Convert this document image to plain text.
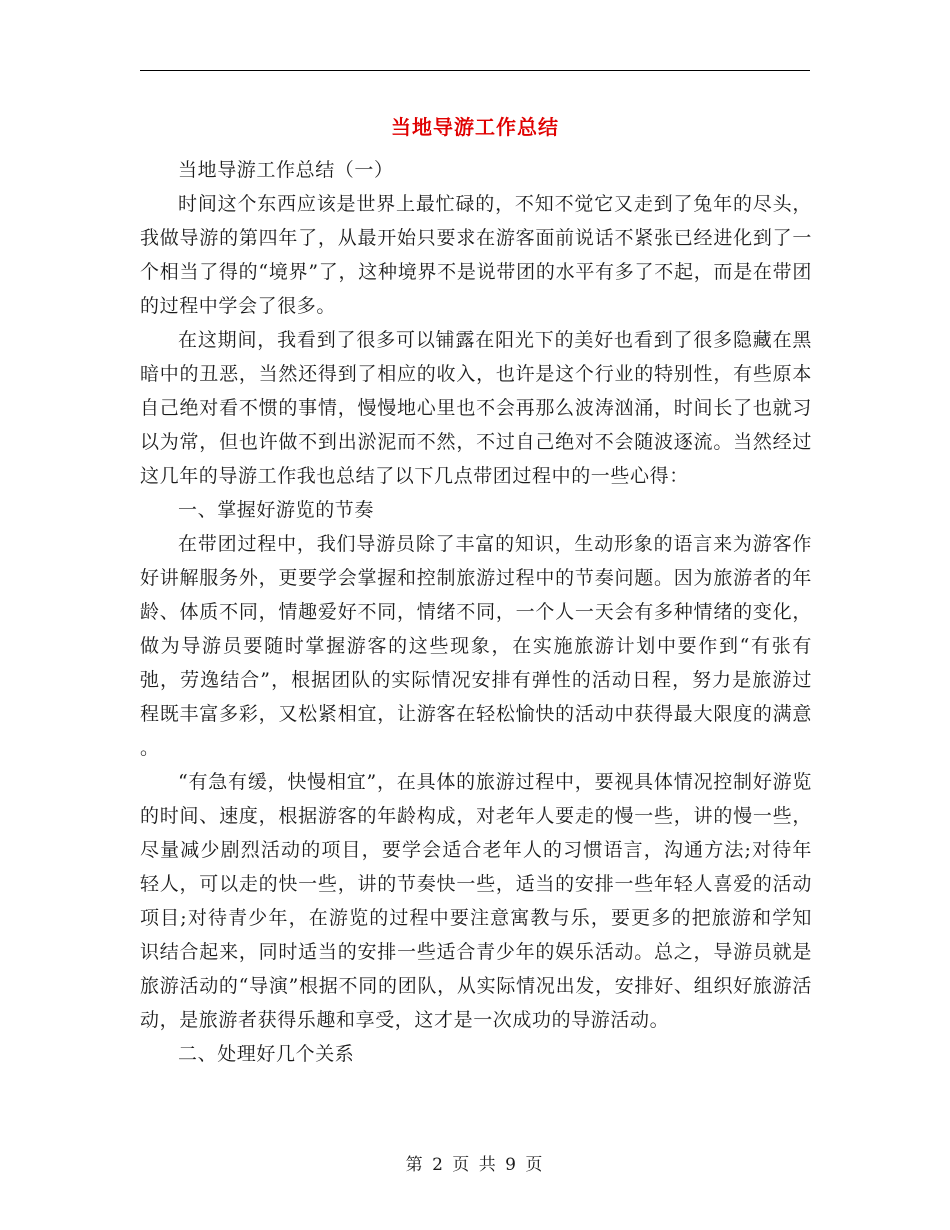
当地导游工作总结

当地导游工作总结（一）

时间这个东西应该是世界上最忙碌的，不知不觉它又走到了兔年的尽头，我做导游的第四年了，从最开始只要求在游客面前说话不紧张已经进化到了一个相当了得的“境界”了，这种境界不是说带团的水平有多了不起，而是在带团的过程中学会了很多。

在这期间，我看到了很多可以铺露在阳光下的美好也看到了很多隐藏在黑暗中的丑恶，当然还得到了相应的收入，也许是这个行业的特别性，有些原本自己绝对看不惯的事情，慢慢地心里也不会再那么波涛汹涌，时间长了也就习以为常，但也许做不到出淤泥而不然，不过自己绝对不会随波逐流。当然经过这几年的导游工作我也总结了以下几点带团过程中的一些心得：

一、掌握好游览的节奏

在带团过程中，我们导游员除了丰富的知识，生动形象的语言来为游客作好讲解服务外，更要学会掌握和控制旅游过程中的节奏问题。因为旅游者的年龄、体质不同，情趣爱好不同，情绪不同，一个人一天会有多种情绪的变化，做为导游员要随时掌握游客的这些现象，在实施旅游计划中要作到“有张有弛，劳逸结合”，根据团队的实际情况安排有弹性的活动日程，努力是旅游过程既丰富多彩，又松紧相宜，让游客在轻松愉快的活动中获得最大限度的满意 。

“有急有缓，快慢相宜”，在具体的旅游过程中，要视具体情况控制好游览的时间、速度，根据游客的年龄构成，对老年人要走的慢一些，讲的慢一些，尽量减少剧烈活动的项目，要学会适合老年人的习惯语言，沟通方法;对待年轻人，可以走的快一些，讲的节奏快一些，适当的安排一些年轻人喜爱的活动项目;对待青少年，在游览的过程中要注意寓教与乐，要更多的把旅游和学知识结合起来，同时适当的安排一些适合青少年的娱乐活动。总之，导游员就是旅游活动的“导演”根据不同的团队，从实际情况出发，安排好、组织好旅游活动，是旅游者获得乐趣和享受，这才是一次成功的导游活动。

二、处理好几个关系

第 2 页 共 9 页
